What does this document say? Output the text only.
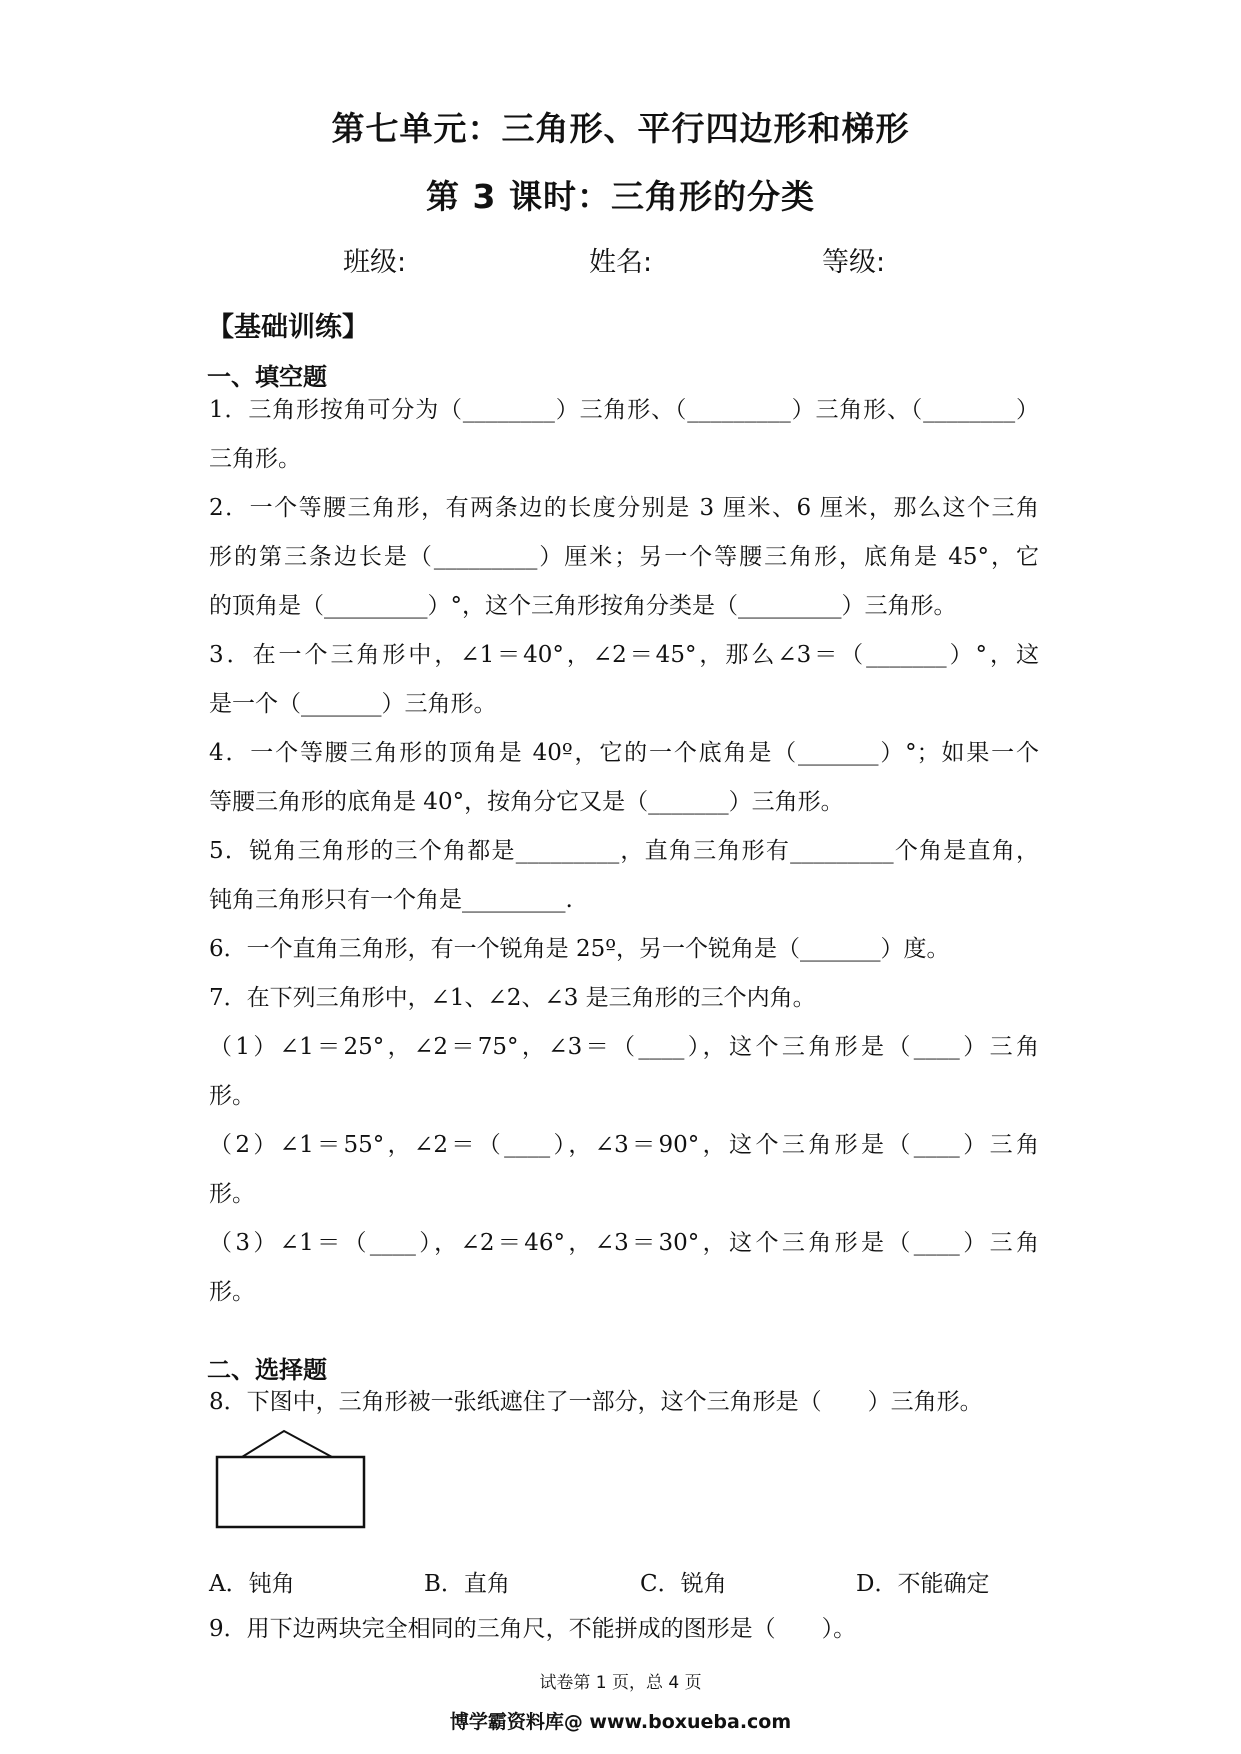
第七单元：三角形、平行四边形和梯形
第 3 课时：三角形的分类
班级:	姓名:	等级:
【基础训练】
一、填空题
1．三角形按角可分为（________）三角形、（_________）三角形、（________）
三角形。
2．一个等腰三角形，有两条边的长度分别是 3 厘米、6 厘米，那么这个三角
形的第三条边长是（_________）厘米；另一个等腰三角形，底角是 45°，它
的顶角是（_________）°，这个三角形按角分类是（_________）三角形。
3．在一个三角形中，∠1＝40°，∠2＝45°，那么∠3＝（_______）°，这
是一个（_______）三角形。
4．一个等腰三角形的顶角是 40º，它的一个底角是（_______）°；如果一个
等腰三角形的底角是 40°，按角分它又是（_______）三角形。
5．锐角三角形的三个角都是_________，直角三角形有_________个角是直角，
钝角三角形只有一个角是_________.
6．一个直角三角形，有一个锐角是 25º，另一个锐角是（_______）度。
7．在下列三角形中，∠1、∠2、∠3 是三角形的三个内角。
（1）∠1＝25°，∠2＝75°，∠3＝（____），这个三角形是（____）三角
形。
（2）∠1＝55°，∠2＝（____），∠3＝90°，这个三角形是（____）三角
形。
（3）∠1＝（____），∠2＝46°，∠3＝30°，这个三角形是（____）三角
形。
二、选择题
8．下图中，三角形被一张纸遮住了一部分，这个三角形是（　　）三角形。
A．钝角	B．直角	C．锐角	D．不能确定
9．用下边两块完全相同的三角尺，不能拼成的图形是（　　）。
试卷第 1 页，总 4 页
博学霸资料库@ www.boxueba.com
